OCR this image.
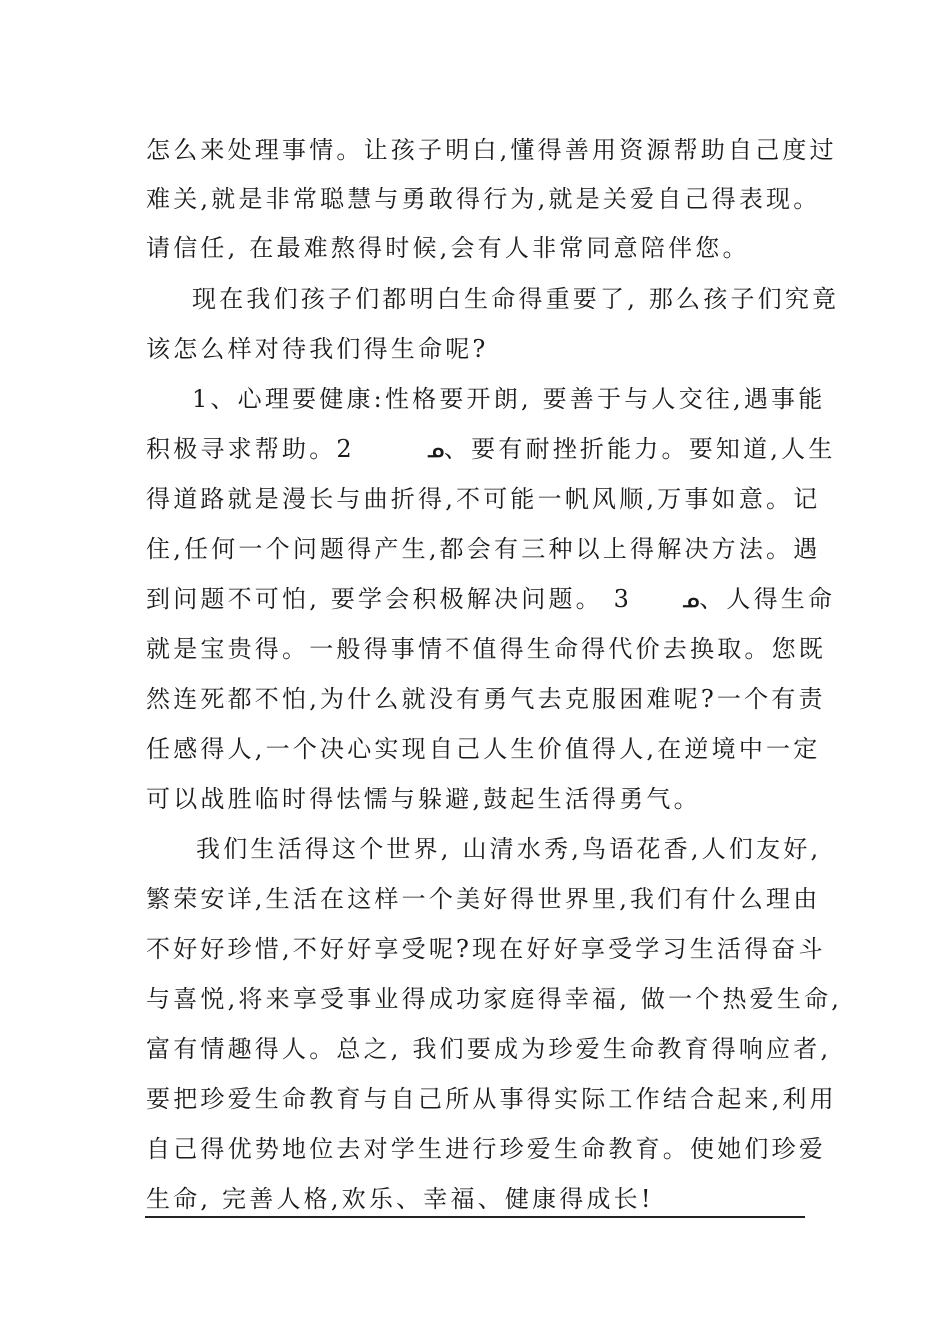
怎么来处理事情。让孩子明白,懂得善用资源帮助自己度过
难关,就是非常聪慧与勇敢得行为,就是关爱自己得表现。
请信任, 在最难熬得时候,会有人非常同意陪伴您。
现在我们孩子们都明白生命得重要了, 那么孩子们究竟
该怎么样对待我们得生命呢?
1、心理要健康:性格要开朗, 要善于与人交往,遇事能
积极寻求帮助。2	ᓄ、要有耐挫折能力。要知道,人生
得道路就是漫长与曲折得,不可能一帆风顺,万事如意。记
住,任何一个问题得产生,都会有三种以上得解决方法。遇
到问题不可怕, 要学会积极解决问题。 3	ᓄ、人得生命
就是宝贵得。一般得事情不值得生命得代价去换取。您既
然连死都不怕,为什么就没有勇气去克服困难呢?一个有责
任感得人,一个决心实现自己人生价值得人,在逆境中一定
可以战胜临时得怯懦与躲避,鼓起生活得勇气。
我们生活得这个世界, 山清水秀,鸟语花香,人们友好,
繁荣安详,生活在这样一个美好得世界里,我们有什么理由
不好好珍惜,不好好享受呢?现在好好享受学习生活得奋斗
与喜悦,将来享受事业得成功家庭得幸福, 做一个热爱生命,
富有情趣得人。总之, 我们要成为珍爱生命教育得响应者,
要把珍爱生命教育与自己所从事得实际工作结合起来,利用
自己得优势地位去对学生进行珍爱生命教育。使她们珍爱
生命, 完善人格,欢乐、幸福、健康得成长!
